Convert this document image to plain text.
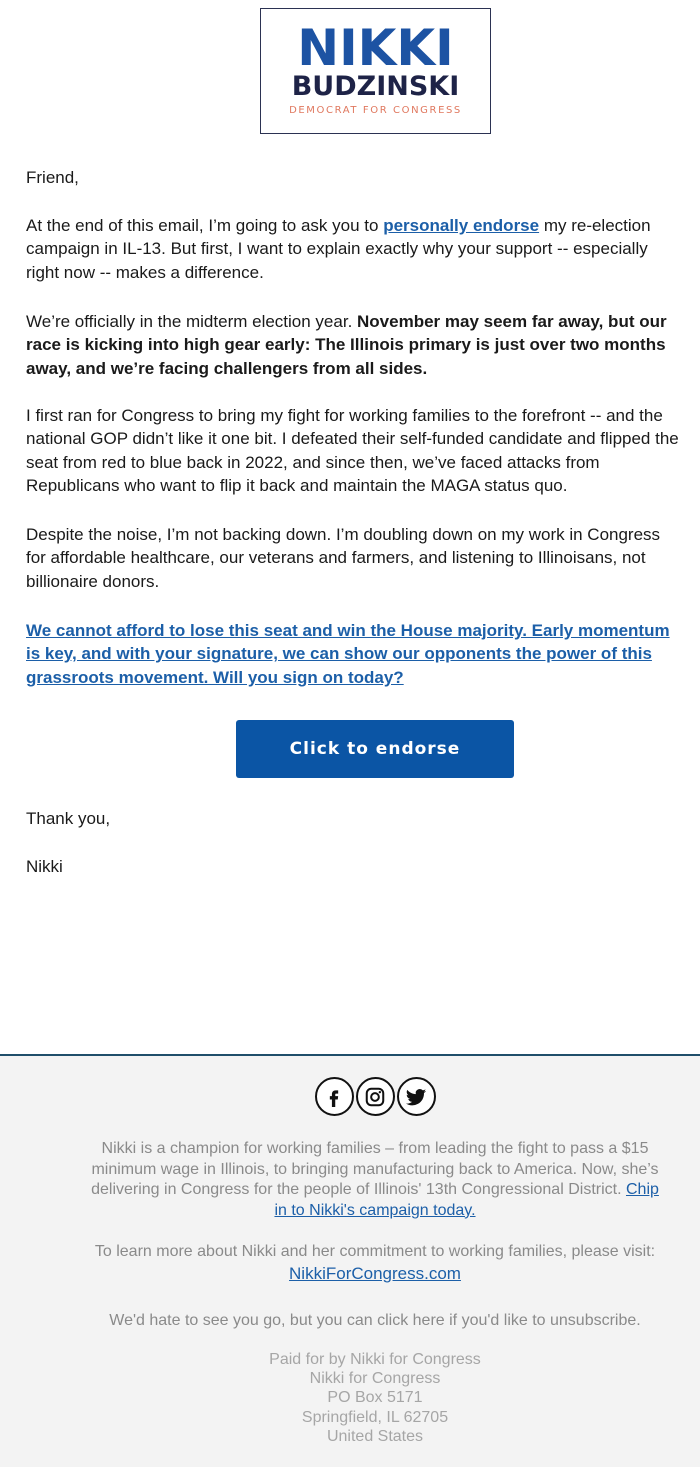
NIKKI
BUDZINSKI
DEMOCRAT FOR CONGRESS

Friend,

At the end of this email, I’m going to ask you to personally endorse my re-election
campaign in IL-13. But first, I want to explain exactly why your support -- especially
right now -- makes a difference.

We’re officially in the midterm election year. November may seem far away, but our
race is kicking into high gear early: The Illinois primary is just over two months
away, and we’re facing challengers from all sides.

I first ran for Congress to bring my fight for working families to the forefront -- and the
national GOP didn’t like it one bit. I defeated their self-funded candidate and flipped the
seat from red to blue back in 2022, and since then, we’ve faced attacks from
Republicans who want to flip it back and maintain the MAGA status quo.

Despite the noise, I’m not backing down. I’m doubling down on my work in Congress
for affordable healthcare, our veterans and farmers, and listening to Illinoisans, not
billionaire donors.

We cannot afford to lose this seat and win the House majority. Early momentum
is key, and with your signature, we can show our opponents the power of this
grassroots movement. Will you sign on today?

Thank you,

Nikki

Click to endorse
Nikki is a champion for working families – from leading the fight to pass a $15
minimum wage in Illinois, to bringing manufacturing back to America. Now, she’s
delivering in Congress for the people of Illinois' 13th Congressional District. Chip
in to Nikki's campaign today.
To learn more about Nikki and her commitment to working families, please visit:
NikkiForCongress.com
We'd hate to see you go, but you can click here if you'd like to unsubscribe.
Paid for by Nikki for Congress
Nikki for Congress
PO Box 5171
Springfield, IL 62705
United States
